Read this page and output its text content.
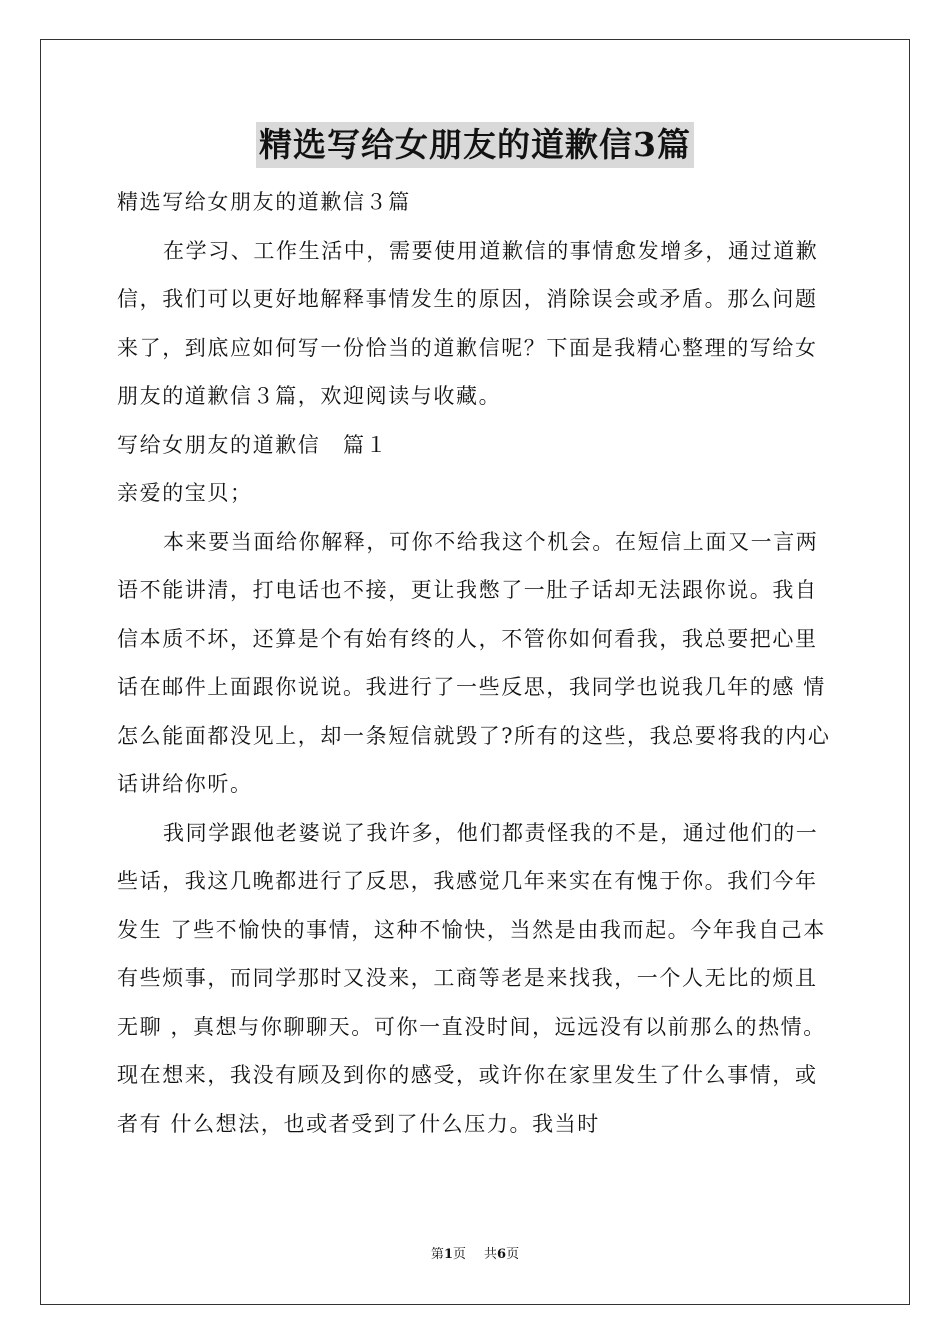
精选写给女朋友的道歉信3篇

精选写给女朋友的道歉信３篇

在学习、工作生活中，需要使用道歉信的事情愈发增多，通过道歉信，我们可以更好地解释事情发生的原因，消除误会或矛盾。那么问题来了，到底应如何写一份恰当的道歉信呢？下面是我精心整理的写给女朋友的道歉信３篇，欢迎阅读与收藏。

写给女朋友的道歉信　篇１

亲爱的宝贝；

本来要当面给你解释，可你不给我这个机会。在短信上面又一言两语不能讲清，打电话也不接，更让我憋了一肚子话却无法跟你说。我自 信本质不坏，还算是个有始有终的人，不管你如何看我，我总要把心里话在邮件上面跟你说说。我进行了一些反思，我同学也说我几年的感 情怎么能面都没见上，却一条短信就毁了?所有的这些，我总要将我的内心话讲给你听。

我同学跟他老婆说了我许多，他们都责怪我的不是，通过他们的一些话，我这几晚都进行了反思，我感觉几年来实在有愧于你。我们今年发生 了些不愉快的事情，这种不愉快，当然是由我而起。今年我自己本有些烦事，而同学那时又没来，工商等老是来找我，一个人无比的烦且无聊 ，真想与你聊聊天。可你一直没时间，远远没有以前那么的热情。现在想来，我没有顾及到你的感受，或许你在家里发生了什么事情，或者有 什么想法，也或者受到了什么压力。我当时

第1页 共6页
